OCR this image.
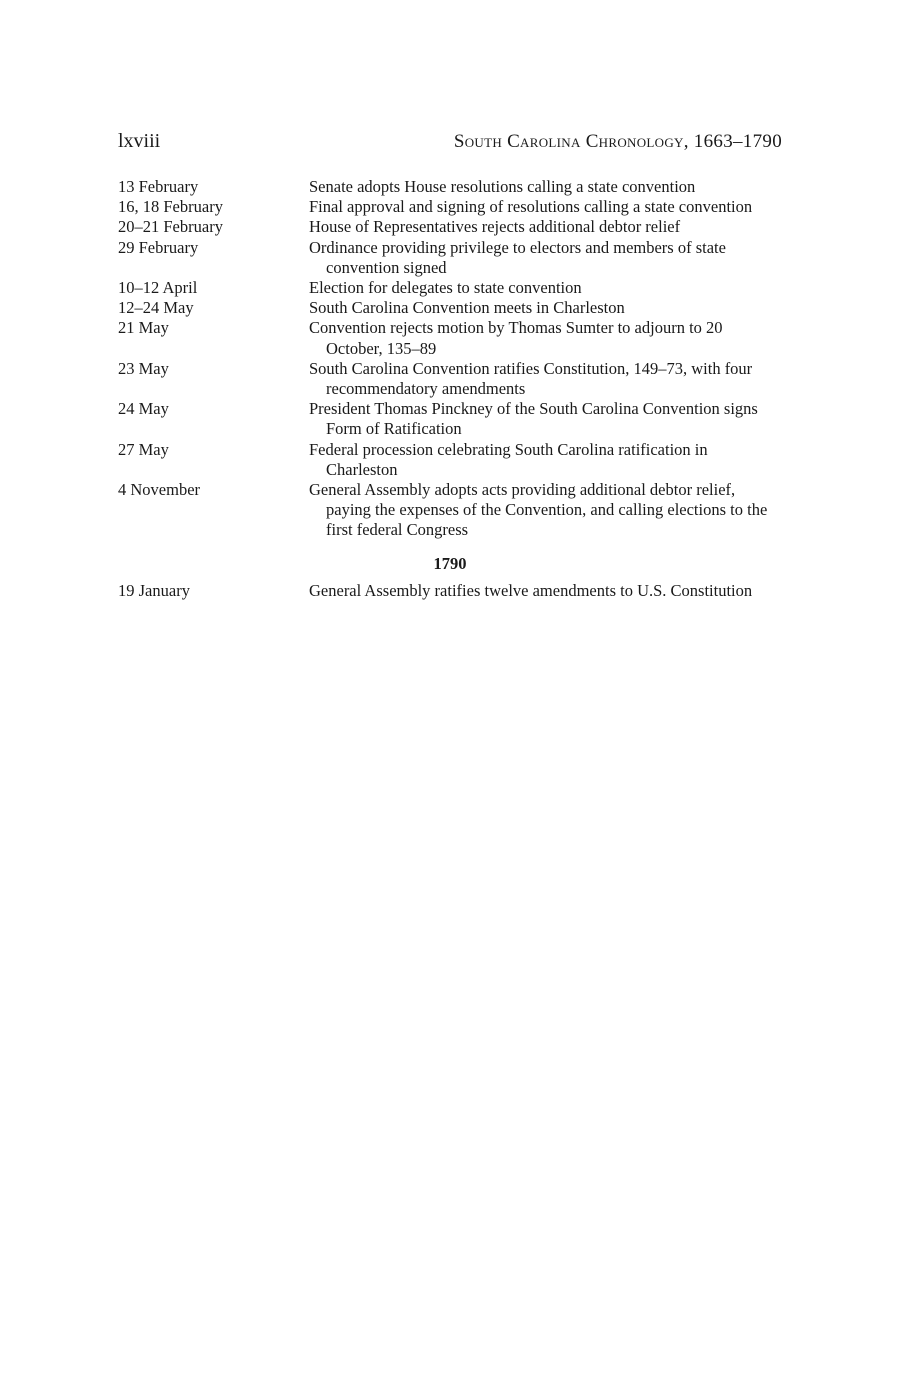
lxviii	South Carolina Chronology, 1663–1790
13 February	Senate adopts House resolutions calling a state convention
16, 18 February	Final approval and signing of resolutions calling a state convention
20–21 February	House of Representatives rejects additional debtor relief
29 February	Ordinance providing privilege to electors and members of state convention signed
10–12 April	Election for delegates to state convention
12–24 May	South Carolina Convention meets in Charleston
21 May	Convention rejects motion by Thomas Sumter to adjourn to 20 October, 135–89
23 May	South Carolina Convention ratifies Constitution, 149–73, with four recommendatory amendments
24 May	President Thomas Pinckney of the South Carolina Convention signs Form of Ratification
27 May	Federal procession celebrating South Carolina ratification in Charleston
4 November	General Assembly adopts acts providing additional debtor relief, paying the expenses of the Convention, and calling elections to the first federal Congress
1790
19 January	General Assembly ratifies twelve amendments to U.S. Constitution
